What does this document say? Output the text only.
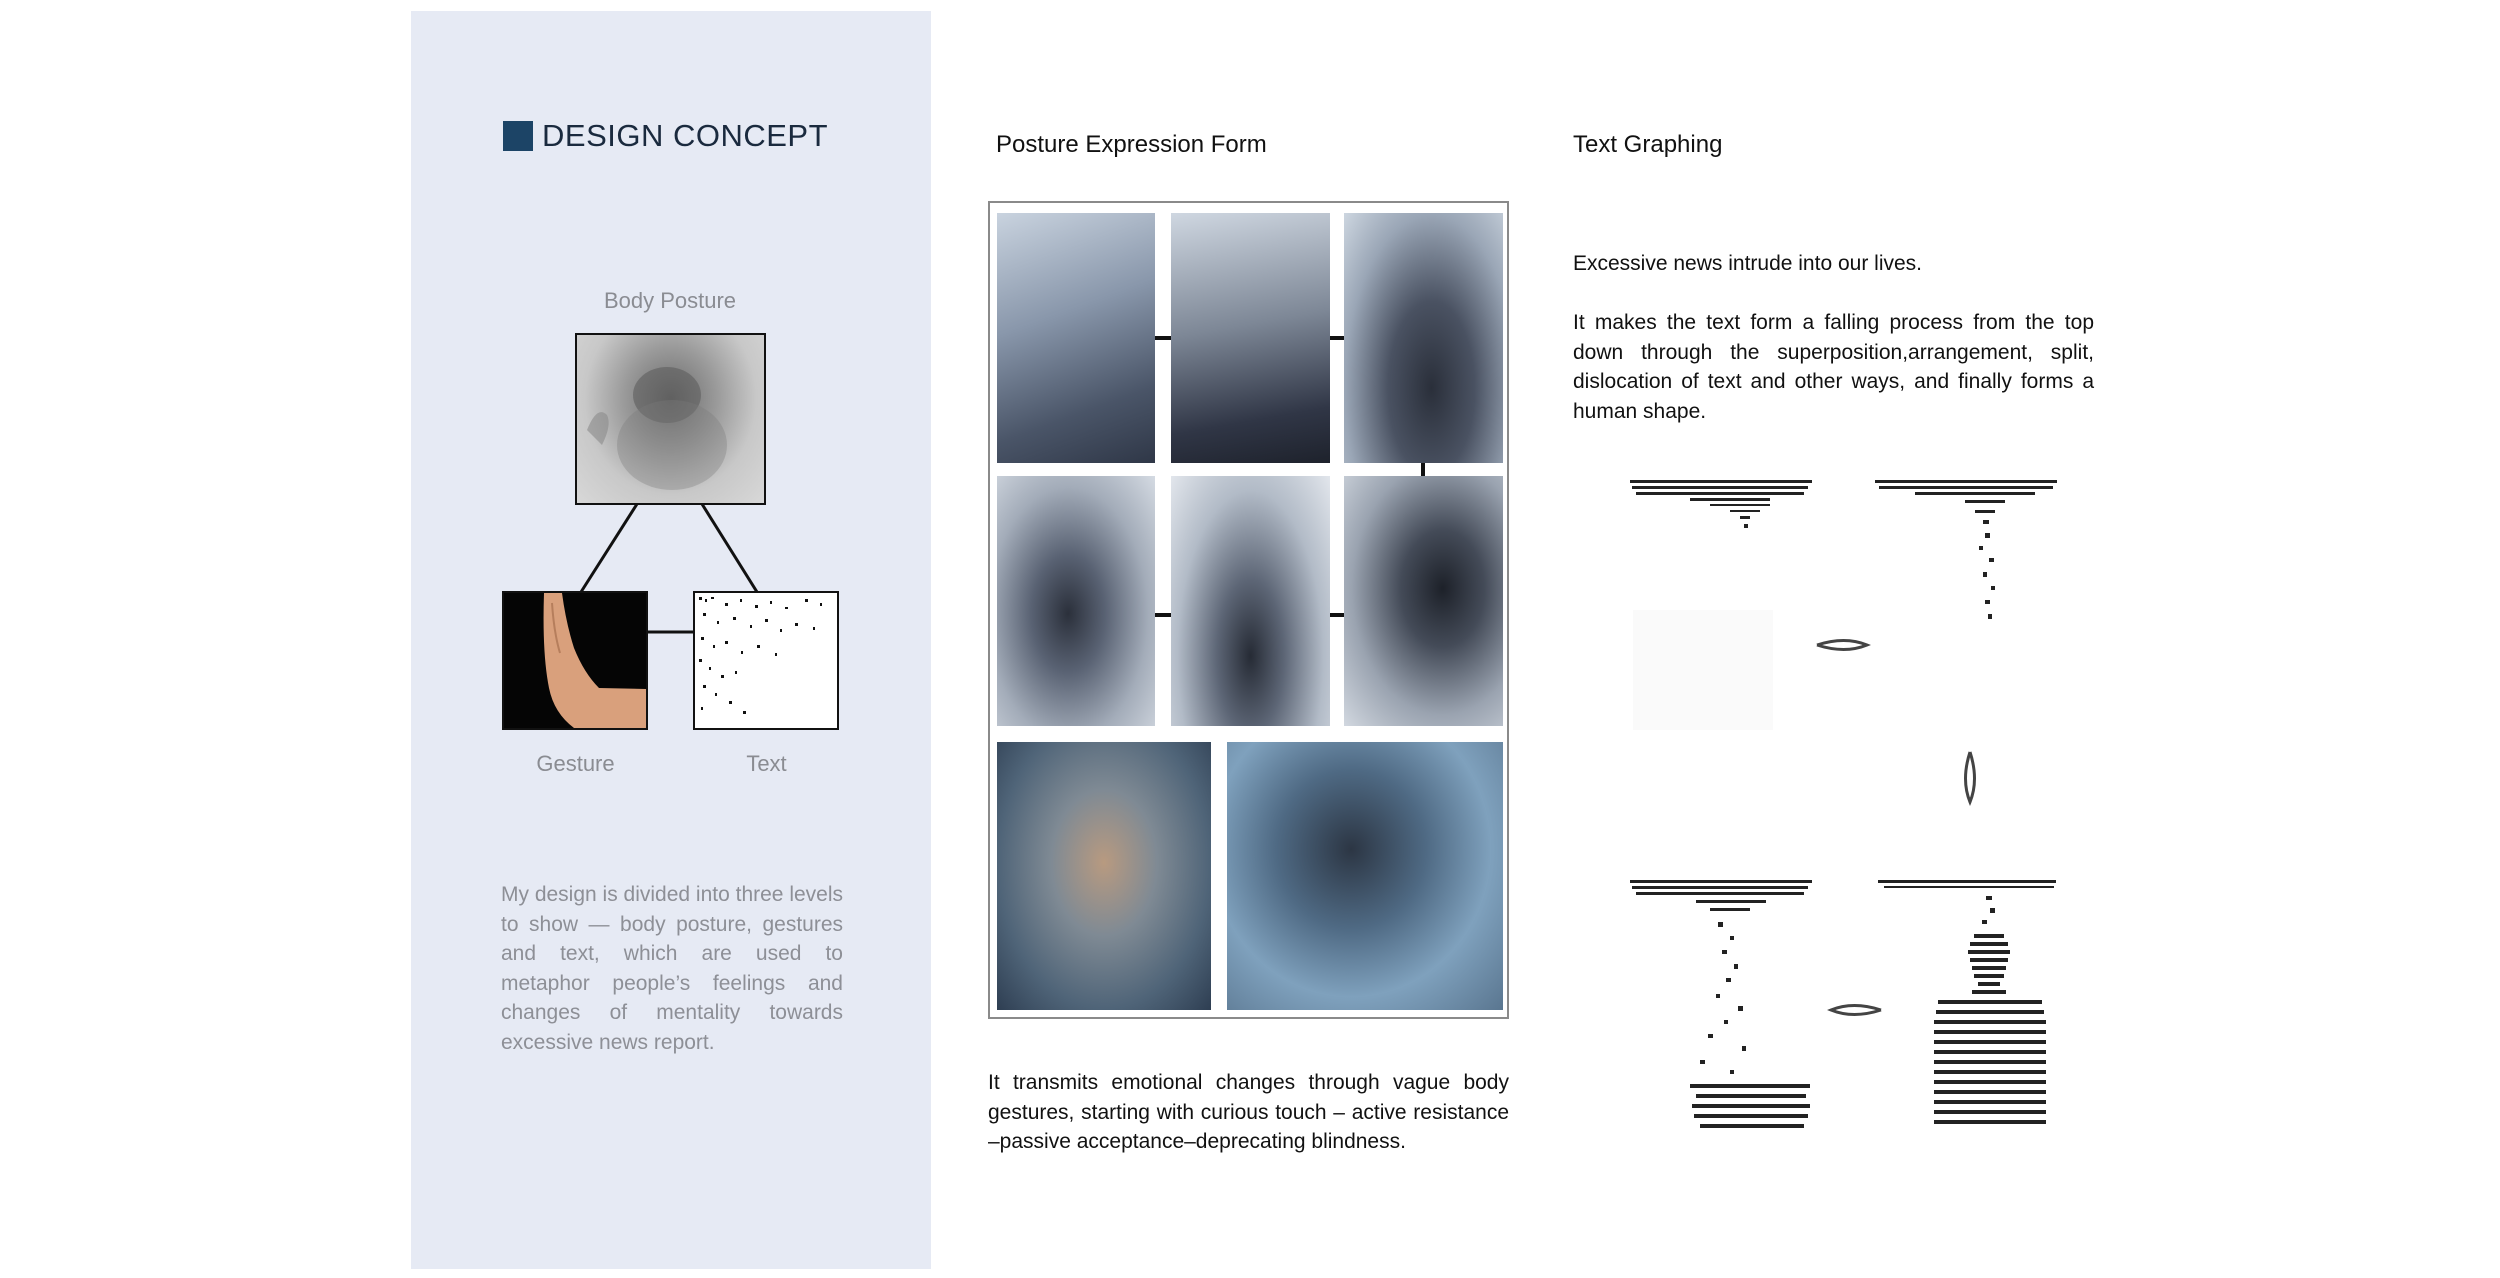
DESIGN CONCEPT
Body Posture
Gesture	Text
My design is divided into three levels to show — body posture, gestures and text, which are used to metaphor people’s feelings and changes of mentality towards excessive news report.
Posture Expression Form
It transmits emotional changes through vague body gestures, starting with curious touch – active resistance –passive acceptance–deprecating blindness.
Text Graphing
Excessive news intrude into our lives.
It makes the text form a falling process from the top down through the superposition,arrangement, split, dislocation of text and other ways, and finally forms a human shape.
